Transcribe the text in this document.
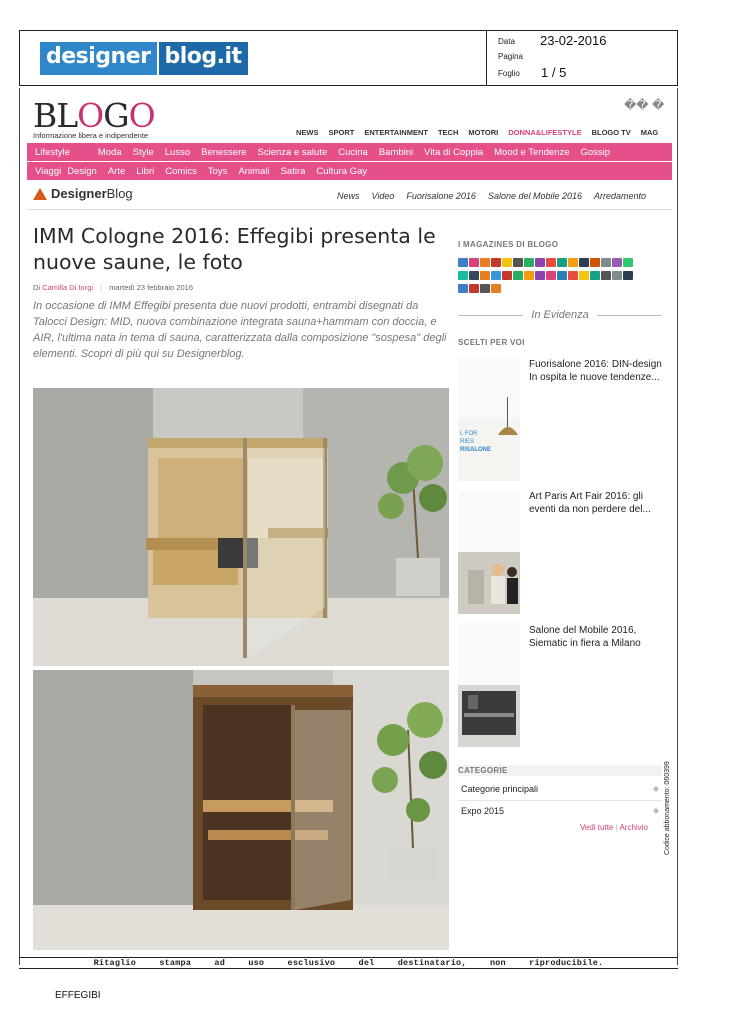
designer blog.it
Data 23-02-2016
Pagina
Foglio 1 / 5
BLOGO
Informazione libera e indipendente
�� �
NEWS SPORT ENTERTAINMENT TECH MOTORI DONNA&LIFESTYLE BLOGO TV MAG
Lifestyle	Moda Style Lusso Benessere Scienza e salute Cucina Bambini Vita di Coppia Mood e Tendenze Gossip
Viaggi Design Arte Libri Comics Toys Animali Satira Cultura Gay
DesignerBlog	News Video Fuorisalone 2016 Salone del Mobile 2016 Arredamento
IMM Cologne 2016: Effegibi presenta le nuove saune, le foto
Di Camilla Di Iorgi | martedì 23 febbraio 2016

In occasione di IMM Effegibi presenta due nuovi prodotti, entrambi disegnati da Talocci Design: MID, nuova combinazione integrata sauna+hammam con doccia, e AIR, l'ultima nata in tema di sauna, caratterizzata dalla composizione "sospesa" degli elementi. Scopri di più qui su Designerblog.

I MAGAZINES DI BLOGO
In Evidenza
SCELTI PER VOI
L FOR
RIES
RISALONE
Fuorisalone 2016: DIN-design In ospita le nuove tendenze...
Art Paris Art Fair 2016: gli eventi da non perdere del...
Salone del Mobile 2016, Siematic in fiera a Milano
CATEGORIE
Categorie principali	◆
Expo 2015	◆
Vedi tutte | Archivio
Ritaglio stampa ad uso esclusivo del destinatario, non riproducibile.
Codice abbonamento: 060399
EFFEGIBI
